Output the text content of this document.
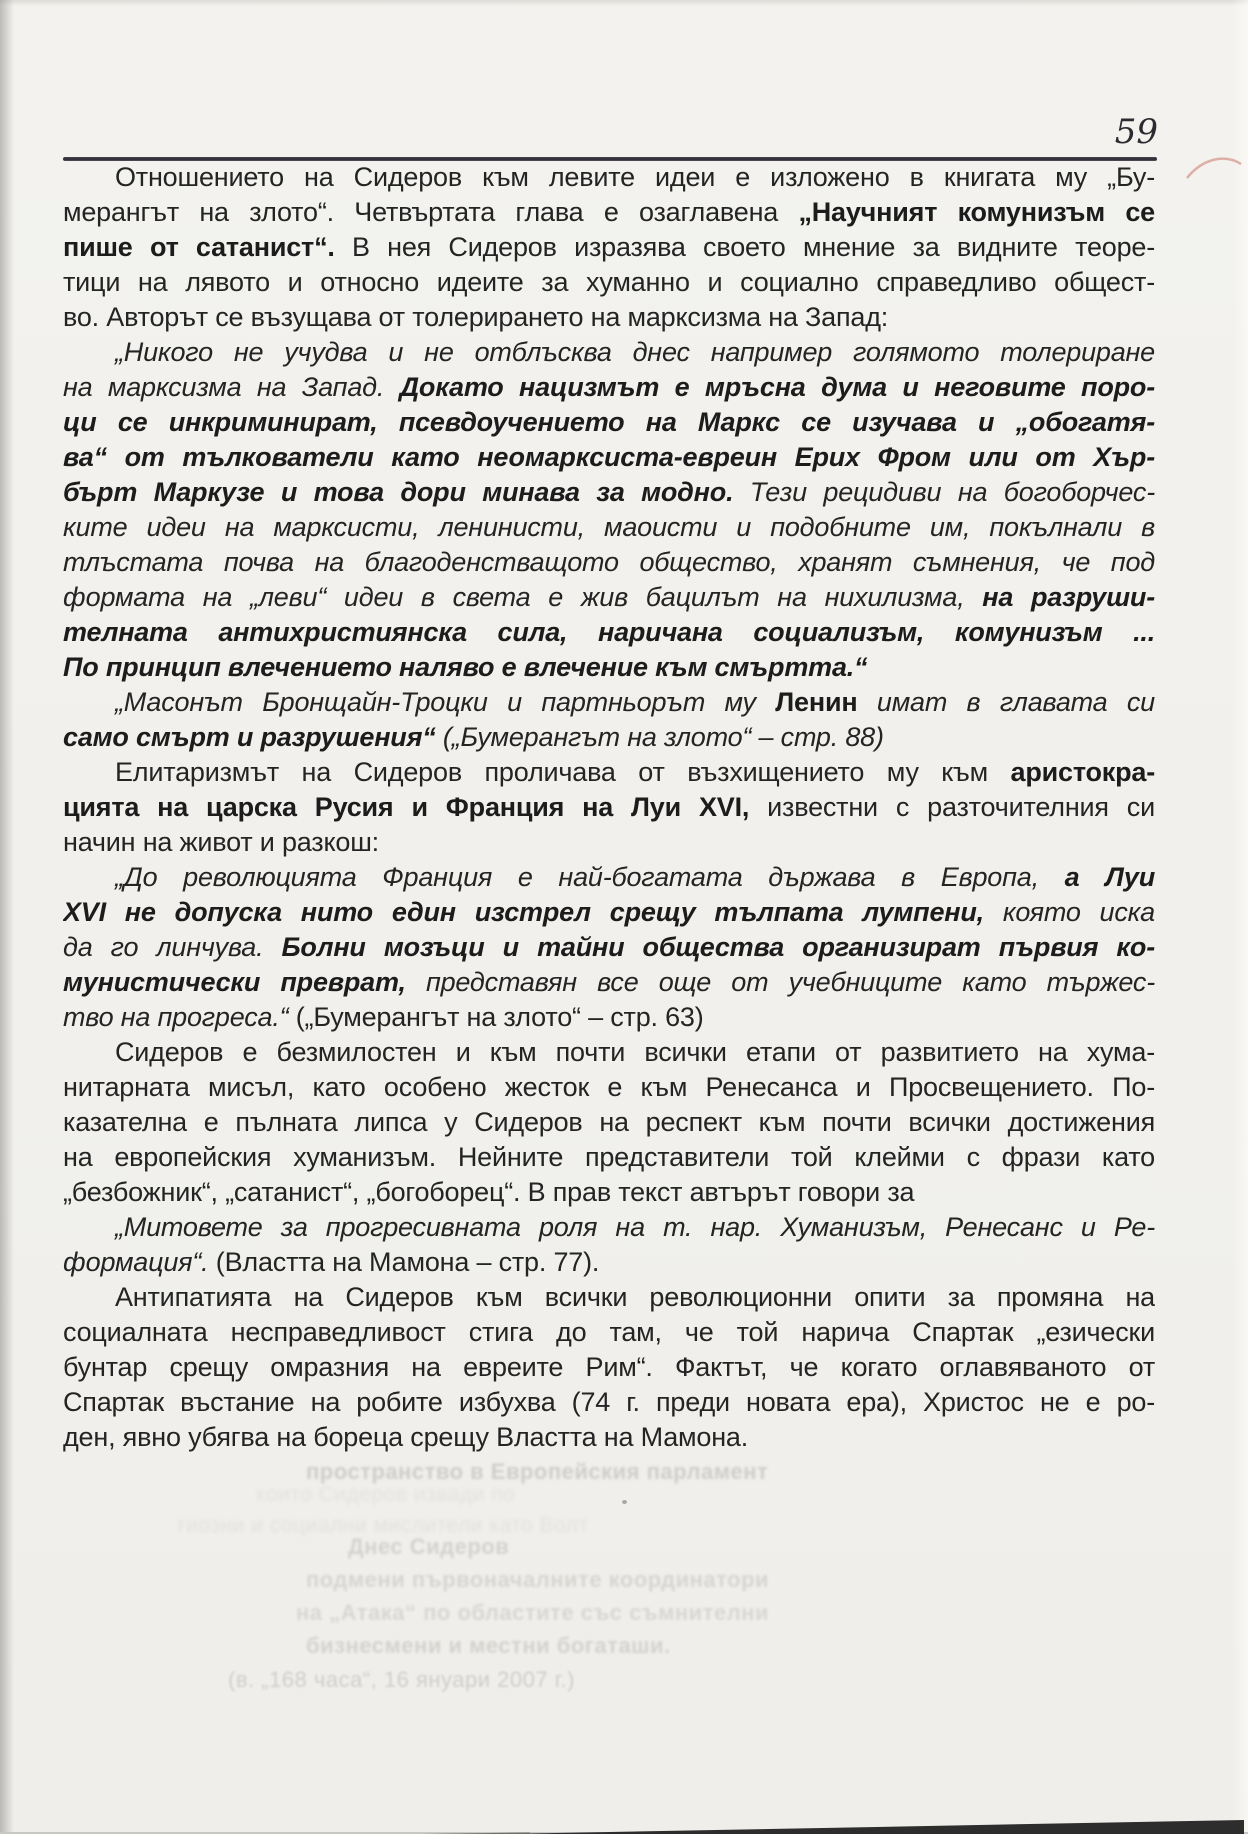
59
Отношението на Сидеров към левите идеи е изложено в книгата му „Бу-
мерангът на злото“. Четвъртата глава е озаглавена „Научният комунизъм се
пише от сатанист“. В нея Сидеров изразява своето мнение за видните теоре-
тици на лявото и относно идеите за хуманно и социално справедливо общест-
во. Авторът се възущава от толерирането на марксизма на Запад:
„Никого не учудва и не отблъсква днес например голямото толериране
на марксизма на Запад. Докато нацизмът е мръсна дума и неговите поро-
ци се инкриминират, псевдоучението на Маркс се изучава и „обогатя-
ва“ от тълкователи като неомарксиста-евреин Ерих Фром или от Хър-
бърт Маркузе и това дори минава за модно. Тези рецидиви на богоборчес-
ките идеи на марксисти, ленинисти, маоисти и подобните им, покълнали в
тлъстата почва на благоденстващото общество, хранят съмнения, че под
формата на „леви“ идеи в света е жив бацилът на нихилизма, на разруши-
телната антихристиянска сила, наричана социализъм, комунизъм ...
По принцип влечението наляво е влечение към смъртта.“
„Масонът Бронщайн-Троцки и партньорът му Ленин имат в главата си
само смърт и разрушения“ („Бумерангът на злото“ – стр. 88)
Елитаризмът на Сидеров проличава от възхищението му към аристокра-
цията на царска Русия и Франция на Луи XVI, известни с разточителния си
начин на живот и разкош:
„До революцията Франция е най-богатата държава в Европа, а Луи
XVI не допуска нито един изстрел срещу тълпата лумпени, която иска
да го линчува. Болни мозъци и тайни общества организират първия ко-
мунистически преврат, представян все още от учебниците като тържес-
тво на прогреса.“ („Бумерангът на злото“ – стр. 63)
Сидеров е безмилостен и към почти всички етапи от развитието на хума-
нитарната мисъл, като особено жесток е към Ренесанса и Просвещението. По-
казателна е пълната липса у Сидеров на респект към почти всички достижения
на европейския хуманизъм. Нейните представители той клейми с фрази като
„безбожник“, „сатанист“, „богоборец“. В прав текст автърът говори за
„Митовете за прогресивната роля на т. нар. Хуманизъм, Ренесанс и Ре-
формация“. (Властта на Мамона – стр. 77).
Антипатията на Сидеров към всички революционни опити за промяна на
социалната несправедливост стига до там, че той нарича Спартак „езически
бунтар срещу омразния на евреите Рим“. Фактът, че когато оглавяваното от
Спартак въстание на робите избухва (74 г. преди новата ера), Христос не е ро-
ден, явно убягва на бореца срещу Властта на Мамона.
пространство в Европейския парламент
които Сидеров извади по
гиозни и социални мислители като Волт
Днес Сидеров
подмени първоначалните координатори
на „Атака“ по областите със съмнителни
бизнесмени и местни богаташи.
(в. „168 часа“, 16 януари 2007 г.)
